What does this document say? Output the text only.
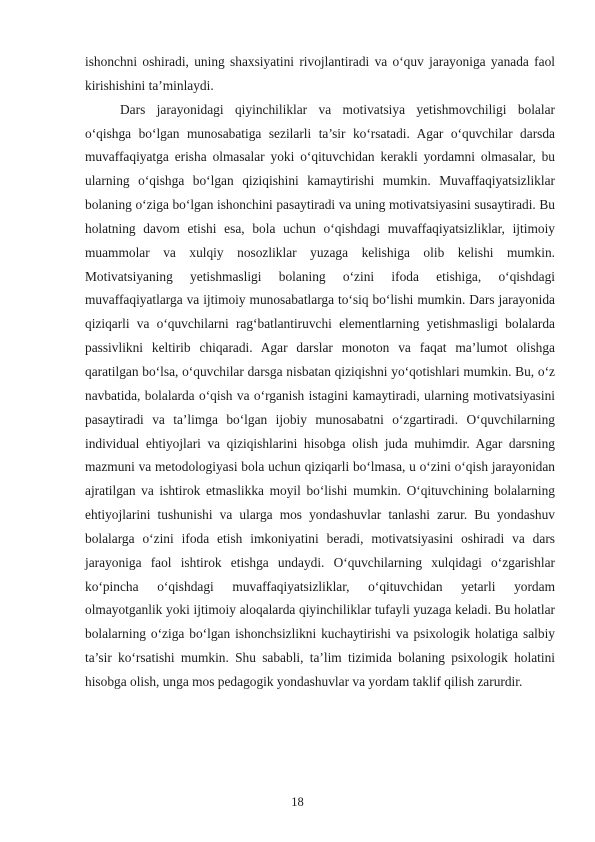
ishonchni oshiradi, uning shaxsiyatini rivojlantiradi va o‘quv jarayoniga yanada faol kirishishini ta’minlaydi.

Dars jarayonidagi qiyinchiliklar va motivatsiya yetishmovchiligi bolalar o‘qishga bo‘lgan munosabatiga sezilarli ta’sir ko‘rsatadi. Agar o‘quvchilar darsda muvaffaqiyatga erisha olmasalar yoki o‘qituvchidan kerakli yordamni olmasalar, bu ularning o‘qishga bo‘lgan qiziqishini kamaytirishi mumkin. Muvaffaqiyatsizliklar bolaning o‘ziga bo‘lgan ishonchini pasaytiradi va uning motivatsiyasini susaytiradi. Bu holatning davom etishi esa, bola uchun o‘qishdagi muvaffaqiyatsizliklar, ijtimoiy muammolar va xulqiy nosozliklar yuzaga kelishiga olib kelishi mumkin. Motivatsiyaning yetishmasligi bolaning o‘zini ifoda etishiga, o‘qishdagi muvaffaqiyatlarga va ijtimoiy munosabatlarga to‘siq bo‘lishi mumkin. Dars jarayonida qiziqarli va o‘quvchilarni rag‘batlantiruvchi elementlarning yetishmasligi bolalarda passivlikni keltirib chiqaradi. Agar darslar monoton va faqat ma’lumot olishga qaratilgan bo‘lsa, o‘quvchilar darsga nisbatan qiziqishni yo‘qotishlari mumkin. Bu, o‘z navbatida, bolalarda o‘qish va o‘rganish istagini kamaytiradi, ularning motivatsiyasini pasaytiradi va ta’limga bo‘lgan ijobiy munosabatni o‘zgartiradi. O‘quvchilarning individual ehtiyojlari va qiziqishlarini hisobga olish juda muhimdir. Agar darsning mazmuni va metodologiyasi bola uchun qiziqarli bo‘lmasa, u o‘zini o‘qish jarayonidan ajratilgan va ishtirok etmaslikka moyil bo‘lishi mumkin. O‘qituvchining bolalarning ehtiyojlarini tushunishi va ularga mos yondashuvlar tanlashi zarur. Bu yondashuv bolalarga o‘zini ifoda etish imkoniyatini beradi, motivatsiyasini oshiradi va dars jarayoniga faol ishtirok etishga undaydi. O‘quvchilarning xulqidagi o‘zgarishlar ko‘pincha o‘qishdagi muvaffaqiyatsizliklar, o‘qituvchidan yetarli yordam olmayotganlik yoki ijtimoiy aloqalarda qiyinchiliklar tufayli yuzaga keladi. Bu holatlar bolalarning o‘ziga bo‘lgan ishonchsizlikni kuchaytirishi va psixologik holatiga salbiy ta’sir ko‘rsatishi mumkin. Shu sababli, ta’lim tizimida bolaning psixologik holatini hisobga olish, unga mos pedagogik yondashuvlar va yordam taklif qilish zarurdir.

18
